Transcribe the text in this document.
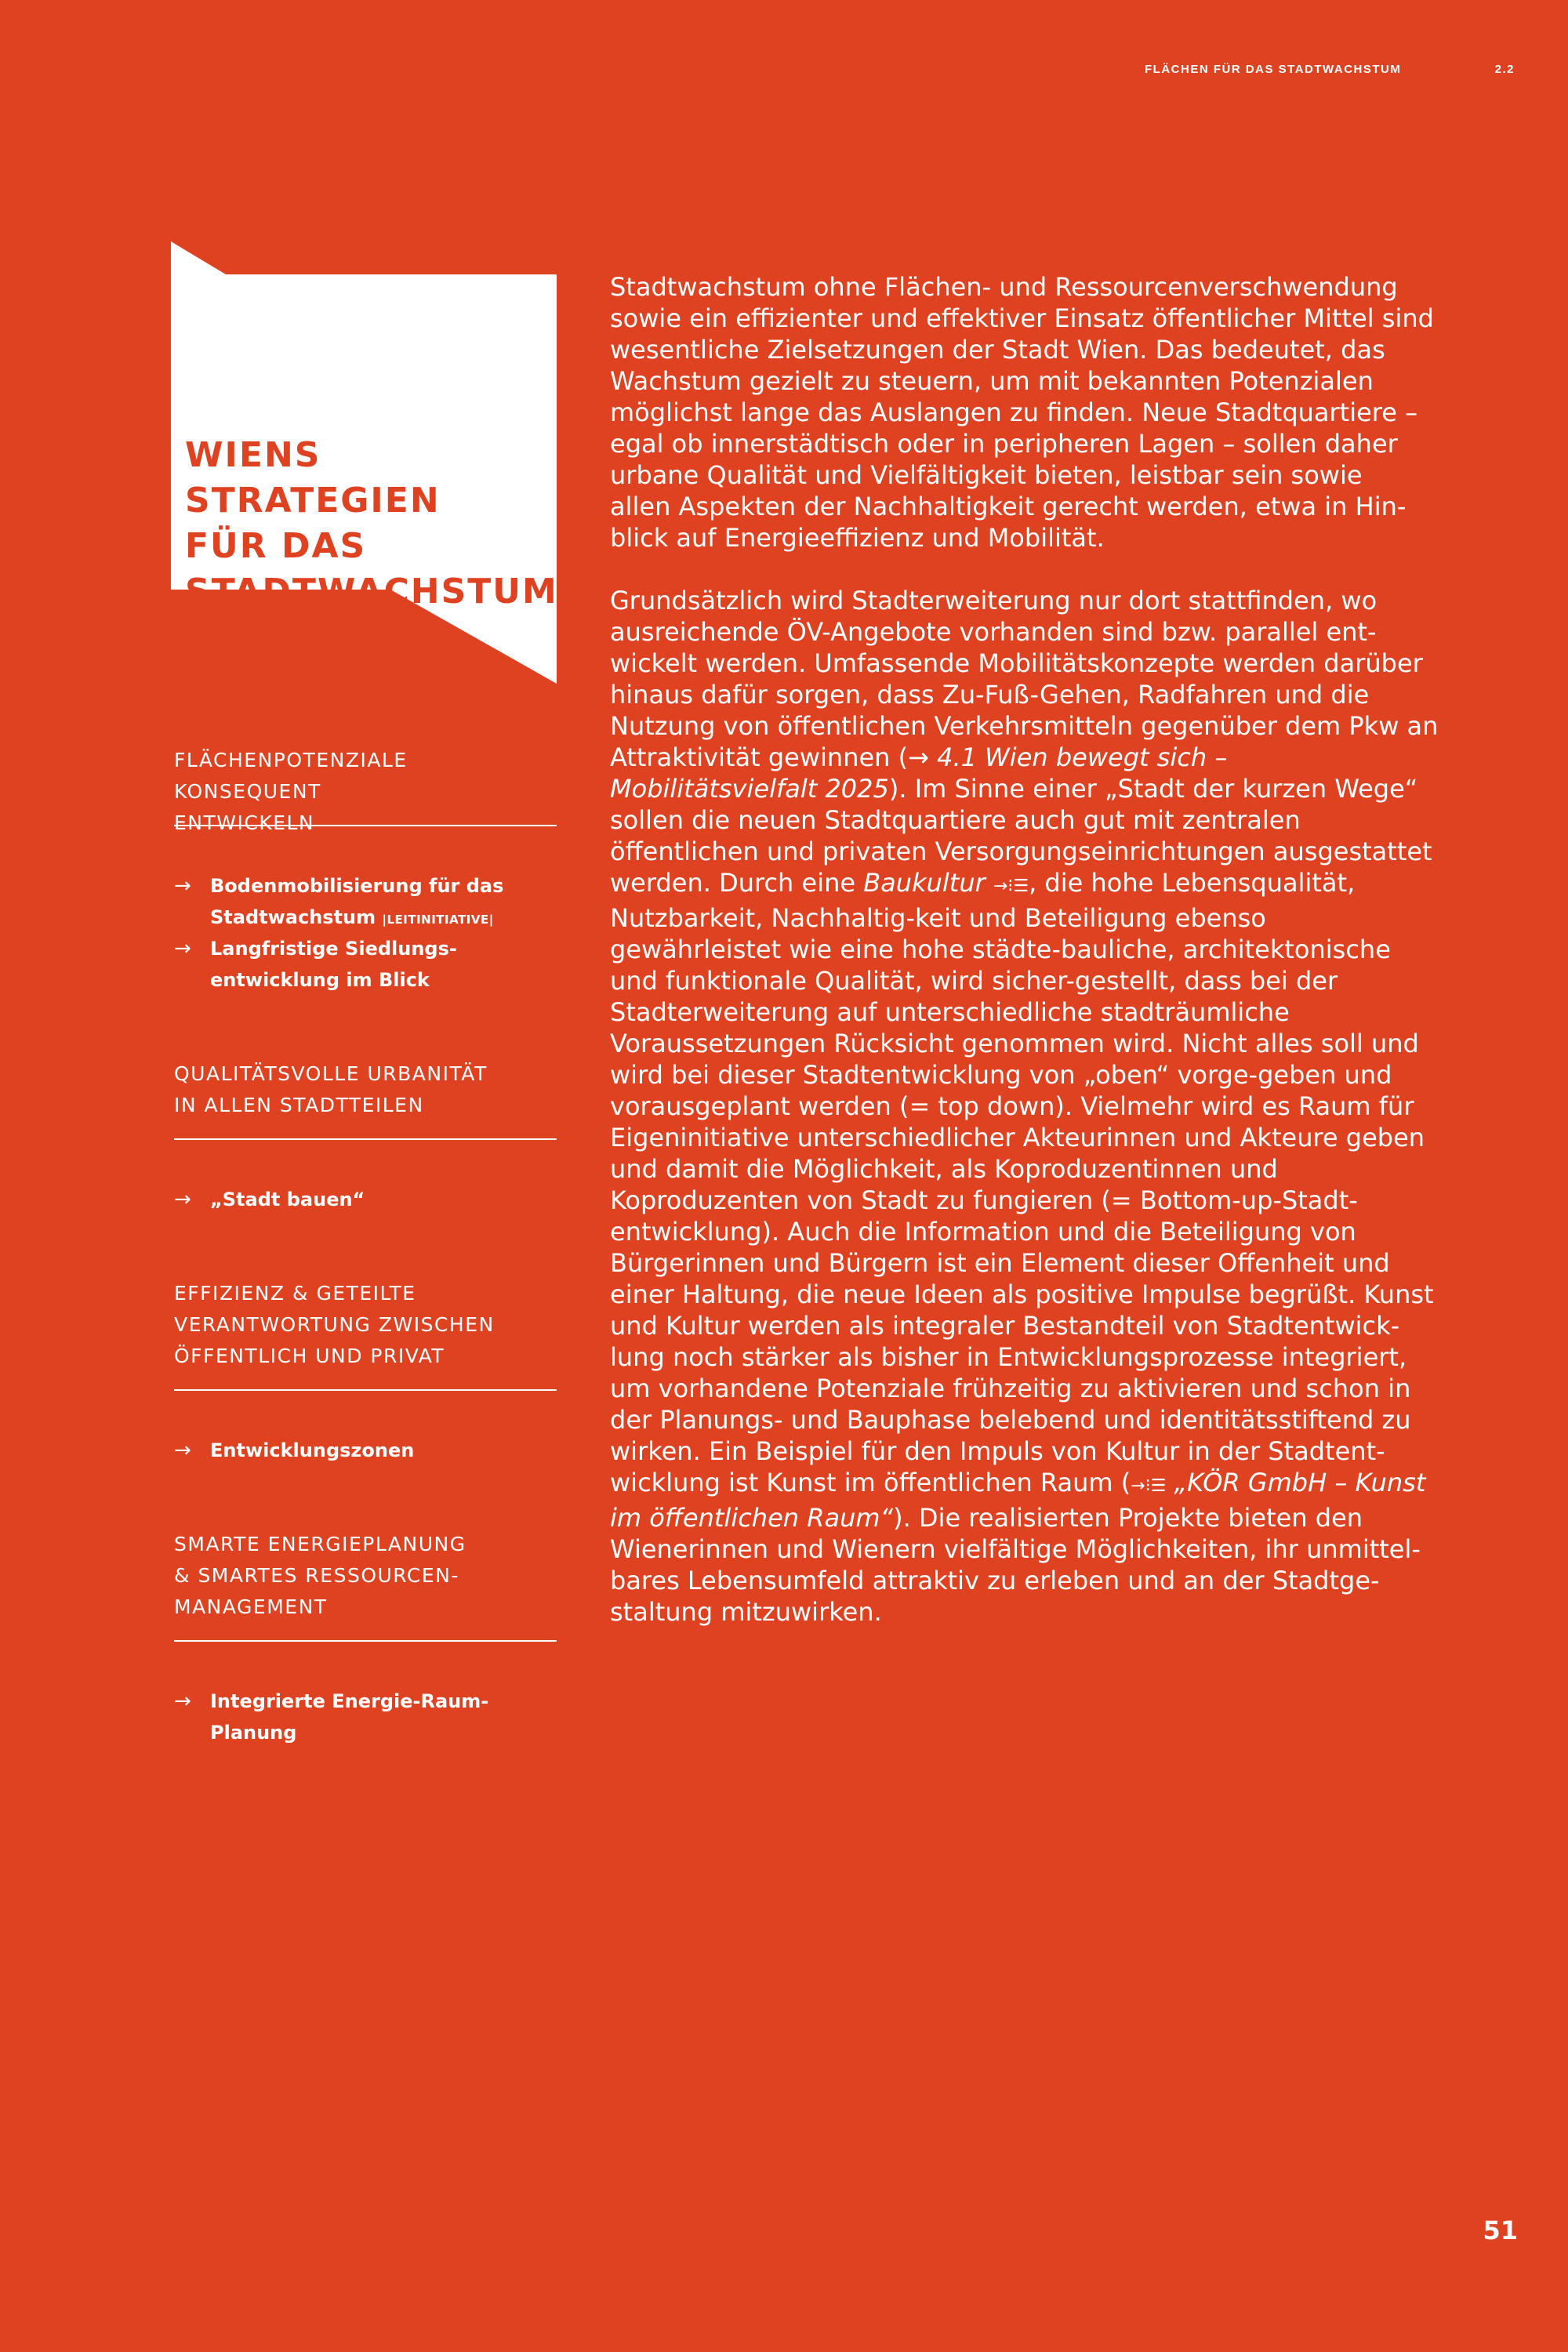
FLÄCHEN FÜR DAS STADTWACHSTUM	2.2
WIENS STRATEGIEN
FÜR DAS
STADTWACHSTUM
FLÄCHENPOTENZIALE KONSEQUENT
ENTWICKELN
→ Bodenmobilisierung für das
Stadtwachstum |LEITINITIATIVE|
→ Langfristige Siedlungs-
entwicklung im Blick
QUALITÄTSVOLLE URBANITÄT
IN ALLEN STADTTEILEN
→ „Stadt bauen“
EFFIZIENZ & GETEILTE
VERANTWORTUNG ZWISCHEN
ÖFFENTLICH UND PRIVAT
→ Entwicklungszonen
SMARTE ENERGIEPLANUNG
& SMARTES RESSOURCEN-
MANAGEMENT
→ Integrierte Energie-Raum-Planung

Stadtwachstum ohne Flächen- und Ressourcenverschwendung
sowie ein effizienter und effektiver Einsatz öffentlicher Mittel sind
wesentliche Zielsetzungen der Stadt Wien. Das bedeutet, das
Wachstum gezielt zu steuern, um mit bekannten Potenzialen
möglichst lange das Auslangen zu finden. Neue Stadtquartiere –
egal ob innerstädtisch oder in peripheren Lagen – sollen daher
urbane Qualität und Vielfältigkeit bieten, leistbar sein sowie
allen Aspekten der Nachhaltigkeit gerecht werden, etwa in Hin-
blick auf Energieeffizienz und Mobilität.

Grundsätzlich wird Stadterweiterung nur dort stattfinden, wo ausreichende ÖV-Angebote vorhanden sind bzw. parallel ent-wickelt werden. Umfassende Mobilitätskonzepte werden darüber hinaus dafür sorgen, dass Zu-Fuß-Gehen, Radfahren und die Nutzung von öffentlichen Verkehrsmitteln gegenüber dem Pkw an Attraktivität gewinnen (→ 4.1 Wien bewegt sich – Mobilitätsvielfalt 2025). Im Sinne einer „Stadt der kurzen Wege“ sollen die neuen Stadtquartiere auch gut mit zentralen öffentlichen und privaten Versorgungseinrichtungen ausgestattet werden. Durch eine Baukultur →⁝☰, die hohe Lebensqualität, Nutzbarkeit, Nachhaltig-keit und Beteiligung ebenso gewährleistet wie eine hohe städte-bauliche, architektonische und funktionale Qualität, wird sicher-gestellt, dass bei der Stadterweiterung auf unterschiedliche stadträumliche Voraussetzungen Rücksicht genommen wird. Nicht alles soll und wird bei dieser Stadtentwicklung von „oben“ vorge-geben und vorausgeplant werden (= top down). Vielmehr wird es Raum für Eigeninitiative unterschiedlicher Akteurinnen und Akteure geben und damit die Möglichkeit, als Koproduzentinnen und Koproduzenten von Stadt zu fungieren (= Bottom-up-Stadt-entwicklung). Auch die Information und die Beteiligung von Bürgerinnen und Bürgern ist ein Element dieser Offenheit und einer Haltung, die neue Ideen als positive Impulse begrüßt. Kunst und Kultur werden als integraler Bestandteil von Stadtentwick-lung noch stärker als bisher in Entwicklungsprozesse integriert, um vorhandene Potenziale frühzeitig zu aktivieren und schon in der Planungs- und Bauphase belebend und identitätsstiftend zu wirken. Ein Beispiel für den Impuls von Kultur in der Stadtent-wicklung ist Kunst im öffentlichen Raum (→⁝☰ „KÖR GmbH – Kunst im öffentlichen Raum“). Die realisierten Projekte bieten den Wienerinnen und Wienern vielfältige Möglichkeiten, ihr unmittel-bares Lebensumfeld attraktiv zu erleben und an der Stadtge-staltung mitzuwirken.

51
